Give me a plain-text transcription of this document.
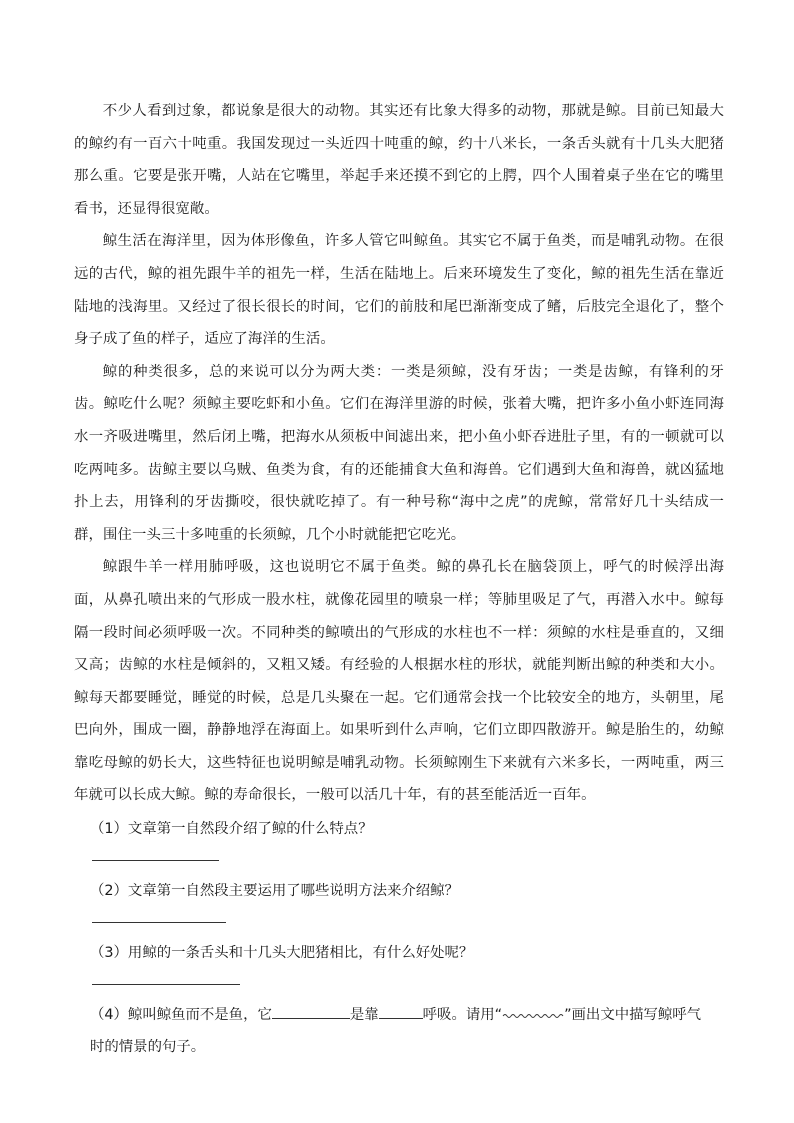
不少人看到过象，都说象是很大的动物。其实还有比象大得多的动物，那就是鲸。目前已知最大的鲸约有一百六十吨重。我国发现过一头近四十吨重的鲸，约十八米长，一条舌头就有十几头大肥猪那么重。它要是张开嘴，人站在它嘴里，举起手来还摸不到它的上腭，四个人围着桌子坐在它的嘴里看书，还显得很宽敞。

鲸生活在海洋里，因为体形像鱼，许多人管它叫鲸鱼。其实它不属于鱼类，而是哺乳动物。在很远的古代，鲸的祖先跟牛羊的祖先一样，生活在陆地上。后来环境发生了变化，鲸的祖先生活在靠近陆地的浅海里。又经过了很长很长的时间，它们的前肢和尾巴渐渐变成了鳍，后肢完全退化了，整个身子成了鱼的样子，适应了海洋的生活。

鲸的种类很多，总的来说可以分为两大类：一类是须鲸，没有牙齿；一类是齿鲸，有锋利的牙齿。鲸吃什么呢？须鲸主要吃虾和小鱼。它们在海洋里游的时候，张着大嘴，把许多小鱼小虾连同海水一齐吸进嘴里，然后闭上嘴，把海水从须板中间滤出来，把小鱼小虾吞进肚子里，有的一顿就可以吃两吨多。齿鲸主要以乌贼、鱼类为食，有的还能捕食大鱼和海兽。它们遇到大鱼和海兽，就凶猛地扑上去，用锋利的牙齿撕咬，很快就吃掉了。有一种号称“海中之虎”的虎鲸，常常好几十头结成一群，围住一头三十多吨重的长须鲸，几个小时就能把它吃光。

鲸跟牛羊一样用肺呼吸，这也说明它不属于鱼类。鲸的鼻孔长在脑袋顶上，呼气的时候浮出海面，从鼻孔喷出来的气形成一股水柱，就像花园里的喷泉一样；等肺里吸足了气，再潜入水中。鲸每隔一段时间必须呼吸一次。不同种类的鲸喷出的气形成的水柱也不一样：须鲸的水柱是垂直的，又细又高；齿鲸的水柱是倾斜的，又粗又矮。有经验的人根据水柱的形状，就能判断出鲸的种类和大小。鲸每天都要睡觉，睡觉的时候，总是几头聚在一起。它们通常会找一个比较安全的地方，头朝里，尾巴向外，围成一圈，静静地浮在海面上。如果听到什么声响，它们立即四散游开。鲸是胎生的，幼鲸靠吃母鲸的奶长大，这些特征也说明鲸是哺乳动物。长须鲸刚生下来就有六米多长，一两吨重，两三年就可以长成大鲸。鲸的寿命很长，一般可以活几十年，有的甚至能活近一百年。

（1）文章第一自然段介绍了鲸的什么特点？

（2）文章第一自然段主要运用了哪些说明方法来介绍鲸？

（3）用鲸的一条舌头和十几头大肥猪相比，有什么好处呢？

（4）鲸叫鲸鱼而不是鱼，它	是靠	呼吸。请用“	”画出文中描写鲸呼气
时的情景的句子。
